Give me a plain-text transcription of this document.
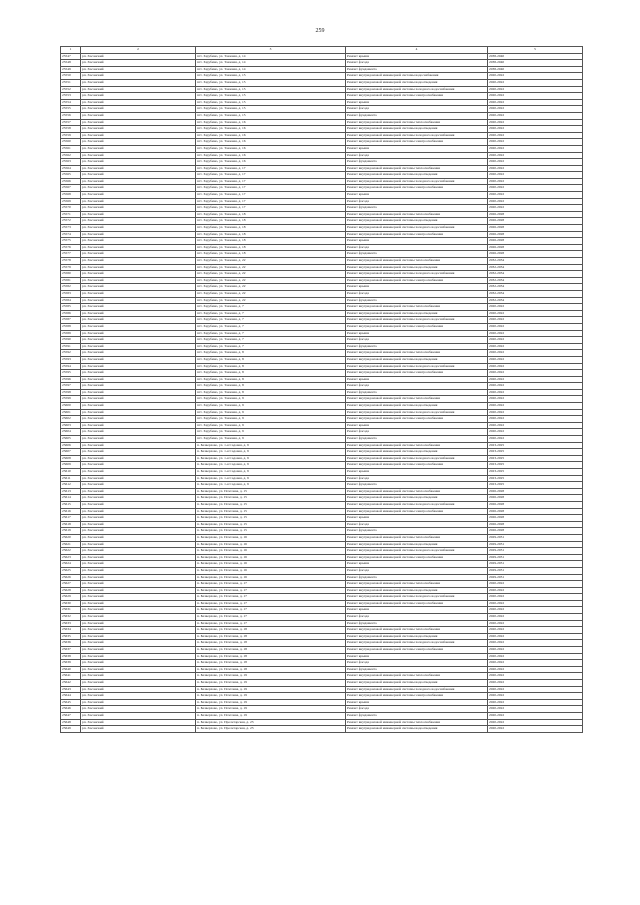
259
1	2	3	4	5
25547	рп. Хасанский	пгт. Зарубино, ул. Таежная, д. 14	Ремонт крыши	2038-2040
25548	рп. Хасанский	пгт. Зарубино, ул. Таежная, д. 14	Ремонт фасада	2038-2040
25549	рп. Хасанский	пгт. Зарубино, ул. Таежная, д. 14	Ремонт фундамента	2038-2040
25550	рп. Хасанский	пгт. Зарубино, ул. Таежная, д. 15	Ремонт внутридомовой инженерной системы водоснабжения	2020-2022
25551	рп. Хасанский	пгт. Зарубино, ул. Таежная, д. 15	Ремонт внутридомовой инженерной системы водоотведения	2020-2022
25552	рп. Хасанский	пгт. Зарубино, ул. Таежная, д. 15	Ремонт внутридомовой инженерной системы холодного водоснабжения	2020-2022
25553	рп. Хасанский	пгт. Зарубино, ул. Таежная, д. 15	Ремонт внутридомовой инженерной системы электроснабжения	2020-2022
25554	рп. Хасанский	пгт. Зарубино, ул. Таежная, д. 15	Ремонт крыши	2020-2022
25555	рп. Хасанский	пгт. Зарубино, ул. Таежная, д. 15	Ремонт фасада	2020-2022
25556	рп. Хасанский	пгт. Зарубино, ул. Таежная, д. 15	Ремонт фундамента	2020-2022
25557	рп. Хасанский	пгт. Зарубино, ул. Таежная, д. 16	Ремонт внутридомовой инженерной системы теплоснабжения	2020-2022
25558	рп. Хасанский	пгт. Зарубино, ул. Таежная, д. 16	Ремонт внутридомовой инженерной системы водоотведения	2020-2022
25559	рп. Хасанский	пгт. Зарубино, ул. Таежная, д. 16	Ремонт внутридомовой инженерной системы холодного водоснабжения	2020-2022
25560	рп. Хасанский	пгт. Зарубино, ул. Таежная, д. 16	Ремонт внутридомовой инженерной системы электроснабжения	2020-2022
25561	рп. Хасанский	пгт. Зарубино, ул. Таежная, д. 16	Ремонт крыши	2020-2022
25562	рп. Хасанский	пгт. Зарубино, ул. Таежная, д. 16	Ремонт фасада	2020-2022
25563	рп. Хасанский	пгт. Зарубино, ул. Таежная, д. 16	Ремонт фундамента	2020-2022
25564	рп. Хасанский	пгт. Зарубино, ул. Таежная, д. 17	Ремонт внутридомовой инженерной системы теплоснабжения	2020-2022
25565	рп. Хасанский	пгт. Зарубино, ул. Таежная, д. 17	Ремонт внутридомовой инженерной системы водоотведения	2020-2022
25566	рп. Хасанский	пгт. Зарубино, ул. Таежная, д. 17	Ремонт внутридомовой инженерной системы холодного водоснабжения	2020-2022
25567	рп. Хасанский	пгт. Зарубино, ул. Таежная, д. 17	Ремонт внутридомовой инженерной системы электроснабжения	2020-2022
25568	рп. Хасанский	пгт. Зарубино, ул. Таежная, д. 17	Ремонт крыши	2020-2022
25569	рп. Хасанский	пгт. Зарубино, ул. Таежная, д. 17	Ремонт фасада	2020-2022
25570	рп. Хасанский	пгт. Зарубино, ул. Таежная, д. 17	Ремонт фундамента	2020-2022
25571	рп. Хасанский	пгт. Зарубино, ул. Таежная, д. 18	Ремонт внутридомовой инженерной системы теплоснабжения	2026-2028
25572	рп. Хасанский	пгт. Зарубино, ул. Таежная, д. 18	Ремонт внутридомовой инженерной системы водоотведения	2026-2028
25573	рп. Хасанский	пгт. Зарубино, ул. Таежная, д. 18	Ремонт внутридомовой инженерной системы холодного водоснабжения	2026-2028
25574	рп. Хасанский	пгт. Зарубино, ул. Таежная, д. 18	Ремонт внутридомовой инженерной системы электроснабжения	2026-2028
25575	рп. Хасанский	пгт. Зарубино, ул. Таежная, д. 18	Ремонт крыши	2026-2028
25576	рп. Хасанский	пгт. Зарубино, ул. Таежная, д. 18	Ремонт фасада	2026-2028
25577	рп. Хасанский	пгт. Зарубино, ул. Таежная, д. 18	Ремонт фундамента	2026-2028
25578	рп. Хасанский	пгт. Зарубино, ул. Таежная, д. 22	Ремонт внутридомовой инженерной системы теплоснабжения	2032-2034
25579	рп. Хасанский	пгт. Зарубино, ул. Таежная, д. 22	Ремонт внутридомовой инженерной системы водоотведения	2032-2034
25580	рп. Хасанский	пгт. Зарубино, ул. Таежная, д. 22	Ремонт внутридомовой инженерной системы холодного водоснабжения	2032-2034
25581	рп. Хасанский	пгт. Зарубино, ул. Таежная, д. 22	Ремонт внутридомовой инженерной системы электроснабжения	2032-2034
25582	рп. Хасанский	пгт. Зарубино, ул. Таежная, д. 22	Ремонт крыши	2032-2034
25583	рп. Хасанский	пгт. Зарубино, ул. Таежная, д. 22	Ремонт фасада	2032-2034
25584	рп. Хасанский	пгт. Зарубино, ул. Таежная, д. 22	Ремонт фундамента	2032-2034
25585	рп. Хасанский	пгт. Зарубино, ул. Таежная, д. 7	Ремонт внутридомовой инженерной системы теплоснабжения	2020-2022
25586	рп. Хасанский	пгт. Зарубино, ул. Таежная, д. 7	Ремонт внутридомовой инженерной системы водоотведения	2020-2022
25587	рп. Хасанский	пгт. Зарубино, ул. Таежная, д. 7	Ремонт внутридомовой инженерной системы холодного водоснабжения	2020-2022
25588	рп. Хасанский	пгт. Зарубино, ул. Таежная, д. 7	Ремонт внутридомовой инженерной системы электроснабжения	2020-2022
25589	рп. Хасанский	пгт. Зарубино, ул. Таежная, д. 7	Ремонт крыши	2020-2022
25590	рп. Хасанский	пгт. Зарубино, ул. Таежная, д. 7	Ремонт фасада	2020-2022
25591	рп. Хасанский	пгт. Зарубино, ул. Таежная, д. 7	Ремонт фундамента	2020-2022
25592	рп. Хасанский	пгт. Зарубино, ул. Таежная, д. 8	Ремонт внутридомовой инженерной системы теплоснабжения	2020-2022
25593	рп. Хасанский	пгт. Зарубино, ул. Таежная, д. 8	Ремонт внутридомовой инженерной системы водоотведения	2020-2022
25594	рп. Хасанский	пгт. Зарубино, ул. Таежная, д. 8	Ремонт внутридомовой инженерной системы холодного водоснабжения	2020-2022
25595	рп. Хасанский	пгт. Зарубино, ул. Таежная, д. 8	Ремонт внутридомовой инженерной системы электроснабжения	2020-2022
25596	рп. Хасанский	пгт. Зарубино, ул. Таежная, д. 8	Ремонт крыши	2020-2022
25597	рп. Хасанский	пгт. Зарубино, ул. Таежная, д. 8	Ремонт фасада	2020-2022
25598	рп. Хасанский	пгт. Зарубино, ул. Таежная, д. 8	Ремонт фундамента	2020-2022
25599	рп. Хасанский	пгт. Зарубино, ул. Таежная, д. 9	Ремонт внутридомовой инженерной системы теплоснабжения	2020-2022
25600	рп. Хасанский	пгт. Зарубино, ул. Таежная, д. 9	Ремонт внутридомовой инженерной системы водоотведения	2020-2022
25601	рп. Хасанский	пгт. Зарубино, ул. Таежная, д. 9	Ремонт внутридомовой инженерной системы холодного водоснабжения	2020-2022
25602	рп. Хасанский	пгт. Зарубино, ул. Таежная, д. 9	Ремонт внутридомовой инженерной системы электроснабжения	2020-2022
25603	рп. Хасанский	пгт. Зарубино, ул. Таежная, д. 9	Ремонт крыши	2020-2022
25604	рп. Хасанский	пгт. Зарубино, ул. Таежная, д. 9	Ремонт фасада	2020-2022
25605	рп. Хасанский	пгт. Зарубино, ул. Таежная, д. 9	Ремонт фундамента	2020-2022
25606	рп. Хасанский	п. Безверхово, ул. 1-я Садовая, д. 9	Ремонт внутридомовой инженерной системы теплоснабжения	2023-2025
25607	рп. Хасанский	п. Безверхово, ул. 1-я Садовая, д. 9	Ремонт внутридомовой инженерной системы водоотведения	2023-2025
25608	рп. Хасанский	п. Безверхово, ул. 1-я Садовая, д. 9	Ремонт внутридомовой инженерной системы холодного водоснабжения	2023-2025
25609	рп. Хасанский	п. Безверхово, ул. 1-я Садовая, д. 9	Ремонт внутридомовой инженерной системы электроснабжения	2023-2025
25610	рп. Хасанский	п. Безверхово, ул. 1-я Садовая, д. 9	Ремонт крыши	2023-2025
25611	рп. Хасанский	п. Безверхово, ул. 1-я Садовая, д. 9	Ремонт фасада	2023-2025
25612	рп. Хасанский	п. Безверхово, ул. 1-я Садовая, д. 9	Ремонт фундамента	2023-2025
25613	рп. Хасанский	п. Безверхово, ул. Почтовая, д. 15	Ремонт внутридомовой инженерной системы теплоснабжения	2026-2028
25614	рп. Хасанский	п. Безверхово, ул. Почтовая, д. 15	Ремонт внутридомовой инженерной системы водоотведения	2026-2028
25615	рп. Хасанский	п. Безверхово, ул. Почтовая, д. 15	Ремонт внутридомовой инженерной системы холодного водоснабжения	2026-2028
25616	рп. Хасанский	п. Безверхово, ул. Почтовая, д. 15	Ремонт внутридомовой инженерной системы электроснабжения	2026-2028
25617	рп. Хасанский	п. Безверхово, ул. Почтовая, д. 15	Ремонт крыши	2026-2028
25618	рп. Хасанский	п. Безверхово, ул. Почтовая, д. 15	Ремонт фасада	2026-2028
25619	рп. Хасанский	п. Безверхово, ул. Почтовая, д. 15	Ремонт фундамента	2026-2028
25620	рп. Хасанский	п. Безверхово, ул. Почтовая, д. 16	Ремонт внутридомовой инженерной системы теплоснабжения	2029-2031
25621	рп. Хасанский	п. Безверхово, ул. Почтовая, д. 16	Ремонт внутридомовой инженерной системы водоотведения	2029-2031
25622	рп. Хасанский	п. Безверхово, ул. Почтовая, д. 16	Ремонт внутридомовой инженерной системы холодного водоснабжения	2029-2031
25623	рп. Хасанский	п. Безверхово, ул. Почтовая, д. 16	Ремонт внутридомовой инженерной системы электроснабжения	2029-2031
25624	рп. Хасанский	п. Безверхово, ул. Почтовая, д. 16	Ремонт крыши	2029-2031
25625	рп. Хасанский	п. Безверхово, ул. Почтовая, д. 16	Ремонт фасада	2029-2031
25626	рп. Хасанский	п. Безверхово, ул. Почтовая, д. 16	Ремонт фундамента	2029-2031
25627	рп. Хасанский	п. Безверхово, ул. Почтовая, д. 17	Ремонт внутридомовой инженерной системы теплоснабжения	2020-2022
25628	рп. Хасанский	п. Безверхово, ул. Почтовая, д. 17	Ремонт внутридомовой инженерной системы водоотведения	2020-2022
25629	рп. Хасанский	п. Безверхово, ул. Почтовая, д. 17	Ремонт внутридомовой инженерной системы холодного водоснабжения	2020-2022
25630	рп. Хасанский	п. Безверхово, ул. Почтовая, д. 17	Ремонт внутридомовой инженерной системы электроснабжения	2020-2022
25631	рп. Хасанский	п. Безверхово, ул. Почтовая, д. 17	Ремонт крыши	2020-2022
25632	рп. Хасанский	п. Безверхово, ул. Почтовая, д. 17	Ремонт фасада	2020-2022
25633	рп. Хасанский	п. Безверхово, ул. Почтовая, д. 17	Ремонт фундамента	2020-2022
25634	рп. Хасанский	п. Безверхово, ул. Почтовая, д. 18	Ремонт внутридомовой инженерной системы теплоснабжения	2020-2022
25635	рп. Хасанский	п. Безверхово, ул. Почтовая, д. 18	Ремонт внутридомовой инженерной системы водоотведения	2020-2022
25636	рп. Хасанский	п. Безверхово, ул. Почтовая, д. 18	Ремонт внутридомовой инженерной системы холодного водоснабжения	2020-2022
25637	рп. Хасанский	п. Безверхово, ул. Почтовая, д. 18	Ремонт внутридомовой инженерной системы электроснабжения	2020-2022
25638	рп. Хасанский	п. Безверхово, ул. Почтовая, д. 18	Ремонт крыши	2020-2022
25639	рп. Хасанский	п. Безверхово, ул. Почтовая, д. 18	Ремонт фасада	2020-2022
25640	рп. Хасанский	п. Безверхово, ул. Почтовая, д. 18	Ремонт фундамента	2020-2022
25641	рп. Хасанский	п. Безверхово, ул. Почтовая, д. 19	Ремонт внутридомовой инженерной системы теплоснабжения	2020-2022
25642	рп. Хасанский	п. Безверхово, ул. Почтовая, д. 19	Ремонт внутридомовой инженерной системы водоотведения	2020-2022
25643	рп. Хасанский	п. Безверхово, ул. Почтовая, д. 19	Ремонт внутридомовой инженерной системы холодного водоснабжения	2020-2022
25644	рп. Хасанский	п. Безверхово, ул. Почтовая, д. 19	Ремонт внутридомовой инженерной системы электроснабжения	2020-2022
25645	рп. Хасанский	п. Безверхово, ул. Почтовая, д. 19	Ремонт крыши	2020-2022
25646	рп. Хасанский	п. Безверхово, ул. Почтовая, д. 19	Ремонт фасада	2020-2022
25647	рп. Хасанский	п. Безверхово, ул. Почтовая, д. 19	Ремонт фундамента	2020-2022
25648	рп. Хасанский	п. Безверхово, ул. Пролетарская, д. 23	Ремонт внутридомовой инженерной системы теплоснабжения	2020-2022
25649	рп. Хасанский	п. Безверхово, ул. Пролетарская, д. 23	Ремонт внутридомовой инженерной системы водоотведения	2020-2022
